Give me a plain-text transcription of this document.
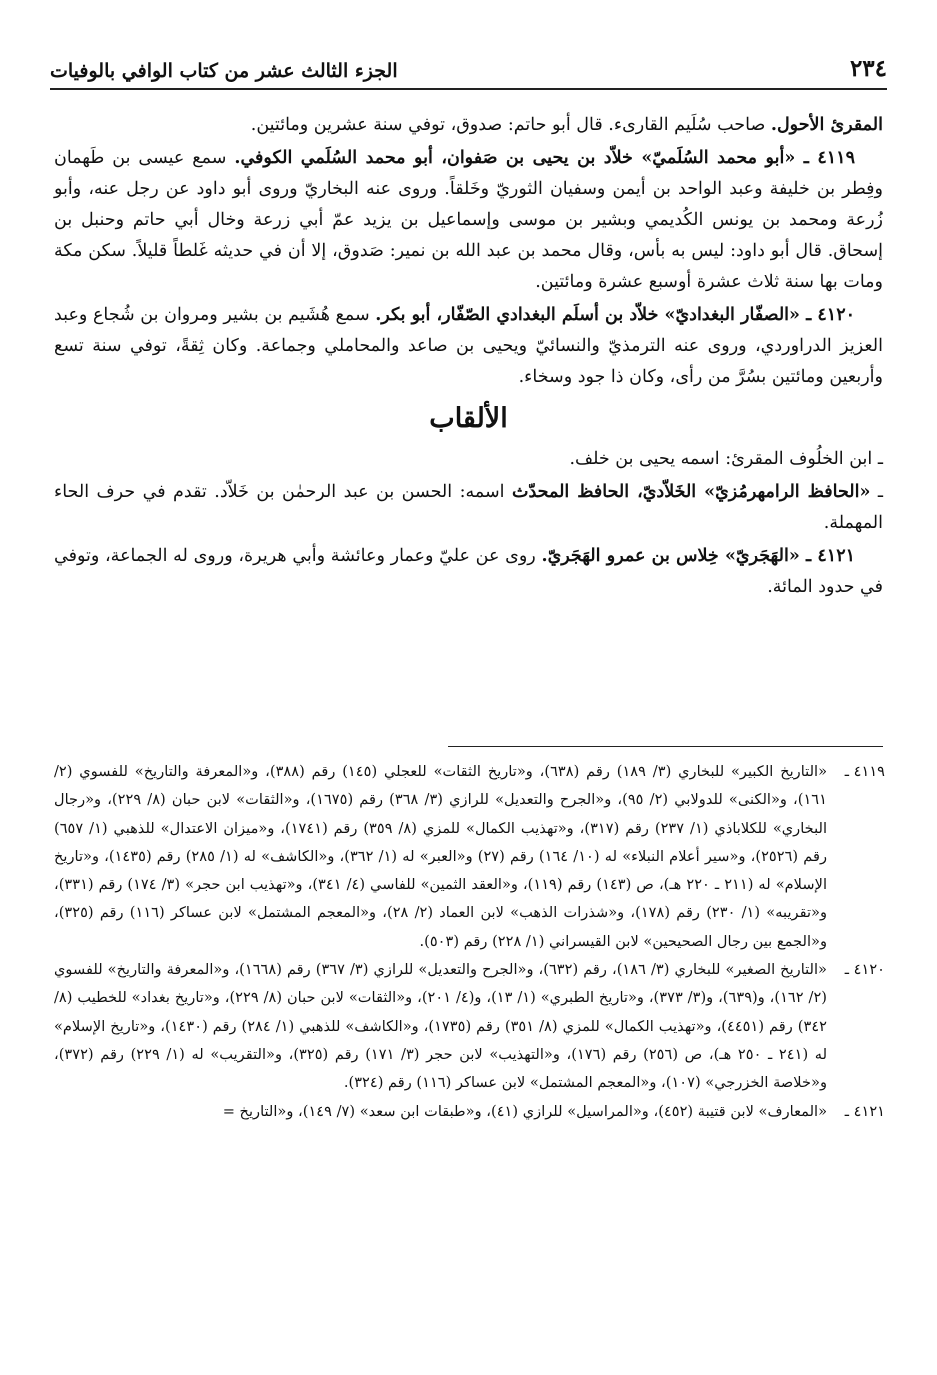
٢٣٤
الجزء الثالث عشر من كتاب الوافي بالوفيات

المقرئ الأحول. صاحب سُلَيم القارىء. قال أبو حاتم: صدوق، توفي سنة عشرين ومائتين.

٤١١٩ ـ «أبو محمد السُلَميّ» خلاّد بن يحيى بن صَفوان، أبو محمد السُلَمي الكوفي. سمع عيسى بن طَهمان وفِطر بن خليفة وعبد الواحد بن أيمن وسفيان الثوريّ وخَلقاً. وروى عنه البخاريّ وروى أبو داود عن رجل عنه، وأبو زُرعة ومحمد بن يونس الكُديمي وبشير بن موسى وإسماعيل بن يزيد عمّ أبي زرعة وخال أبي حاتم وحنبل بن إسحاق. قال أبو داود: ليس به بأس، وقال محمد بن عبد الله بن نمير: صَدوق، إلا أن في حديثه غَلطاً قليلاً. سكن مكة ومات بها سنة ثلاث عشرة أوسبع عشرة ومائتين.

٤١٢٠ ـ «الصفّار البغداديّ» خلاّد بن أسلَم البغدادي الصّفّار، أبو بكر. سمع هُشَيم بن بشير ومروان بن شُجاع وعبد العزيز الدراوردي، وروى عنه الترمذيّ والنسائيّ ويحيى بن صاعد والمحاملي وجماعة. وكان ثِقةً، توفي سنة تسع وأربعين ومائتين بسُرَّ من رأى، وكان ذا جود وسخاء.

الألقاب

ـ ابن الخلُوف المقرئ: اسمه يحيى بن خلف.

ـ «الحافظ الرامهرمُزيّ» الخَلاّديّ، الحافظ المحدّث اسمه: الحسن بن عبد الرحمٰن بن خَلاّد. تقدم في حرف الحاء المهملة.

٤١٢١ ـ «الهَجَريّ» خِلاس بن عمرو الهَجَريّ. روى عن عليّ وعمار وعائشة وأبي هريرة، وروى له الجماعة، وتوفي في حدود المائة.

٤١١٩ ـ
«التاريخ الكبير» للبخاري (٣/ ١٨٩) رقم (٦٣٨)، و«تاريخ الثقات» للعجلي (١٤٥) رقم (٣٨٨)، و«المعرفة والتاريخ» للفسوي (٢/ ١٦١)، و«الكنى» للدولابي (٢/ ٩٥)، و«الجرح والتعديل» للرازي (٣/ ٣٦٨) رقم (١٦٧٥)، و«الثقات» لابن حبان (٨/ ٢٢٩)، و«رجال البخاري» للكلاباذي (١/ ٢٣٧) رقم (٣١٧)، و«تهذيب الكمال» للمزي (٨/ ٣٥٩) رقم (١٧٤١)، و«ميزان الاعتدال» للذهبي (١/ ٦٥٧) رقم (٢٥٢٦)، و«سير أعلام النبلاء» له (١٠/ ١٦٤) رقم (٢٧) و«العبر» له (١/ ٣٦٢)، و«الكاشف» له (١/ ٢٨٥) رقم (١٤٣٥)، و«تاريخ الإسلام» له (٢١١ ـ ٢٢٠ هـ)، ص (١٤٣) رقم (١١٩)، و«العقد الثمين» للفاسي (٤/ ٣٤١)، و«تهذيب ابن حجر» (٣/ ١٧٤) رقم (٣٣١)، و«تقريبه» (١/ ٢٣٠) رقم (١٧٨)، و«شذرات الذهب» لابن العماد (٢/ ٢٨)، و«المعجم المشتمل» لابن عساكر (١١٦) رقم (٣٢٥)، و«الجمع بين رجال الصحيحين» لابن القيسراني (١/ ٢٢٨) رقم (٥٠٣).

٤١٢٠ ـ
«التاريخ الصغير» للبخاري (٣/ ١٨٦)، رقم (٦٣٢)، و«الجرح والتعديل» للرازي (٣/ ٣٦٧) رقم (١٦٦٨)، و«المعرفة والتاريخ» للفسوي (٢/ ١٦٢)، و(٦٣٩)، و(٣/ ٣٧٣)، و«تاريخ الطبري» (١/ ١٣)، و(٤/ ٢٠١)، و«الثقات» لابن حبان (٨/ ٢٢٩)، و«تاريخ بغداد» للخطيب (٨/ ٣٤٢) رقم (٤٤٥١)، و«تهذيب الكمال» للمزي (٨/ ٣٥١) رقم (١٧٣٥)، و«الكاشف» للذهبي (١/ ٢٨٤) رقم (١٤٣٠)، و«تاريخ الإسلام» له (٢٤١ ـ ٢٥٠ هـ)، ص (٢٥٦) رقم (١٧٦)، و«التهذيب» لابن حجر (٣/ ١٧١) رقم (٣٢٥)، و«التقريب» له (١/ ٢٢٩) رقم (٣٧٢)، و«خلاصة الخزرجي» (١٠٧)، و«المعجم المشتمل» لابن عساكر (١١٦) رقم (٣٢٤).

٤١٢١ ـ
«المعارف» لابن قتيبة (٤٥٢)، و«المراسيل» للرازي (٤١)، و«طبقات ابن سعد» (٧/ ١٤٩)، و«التاريخ =
